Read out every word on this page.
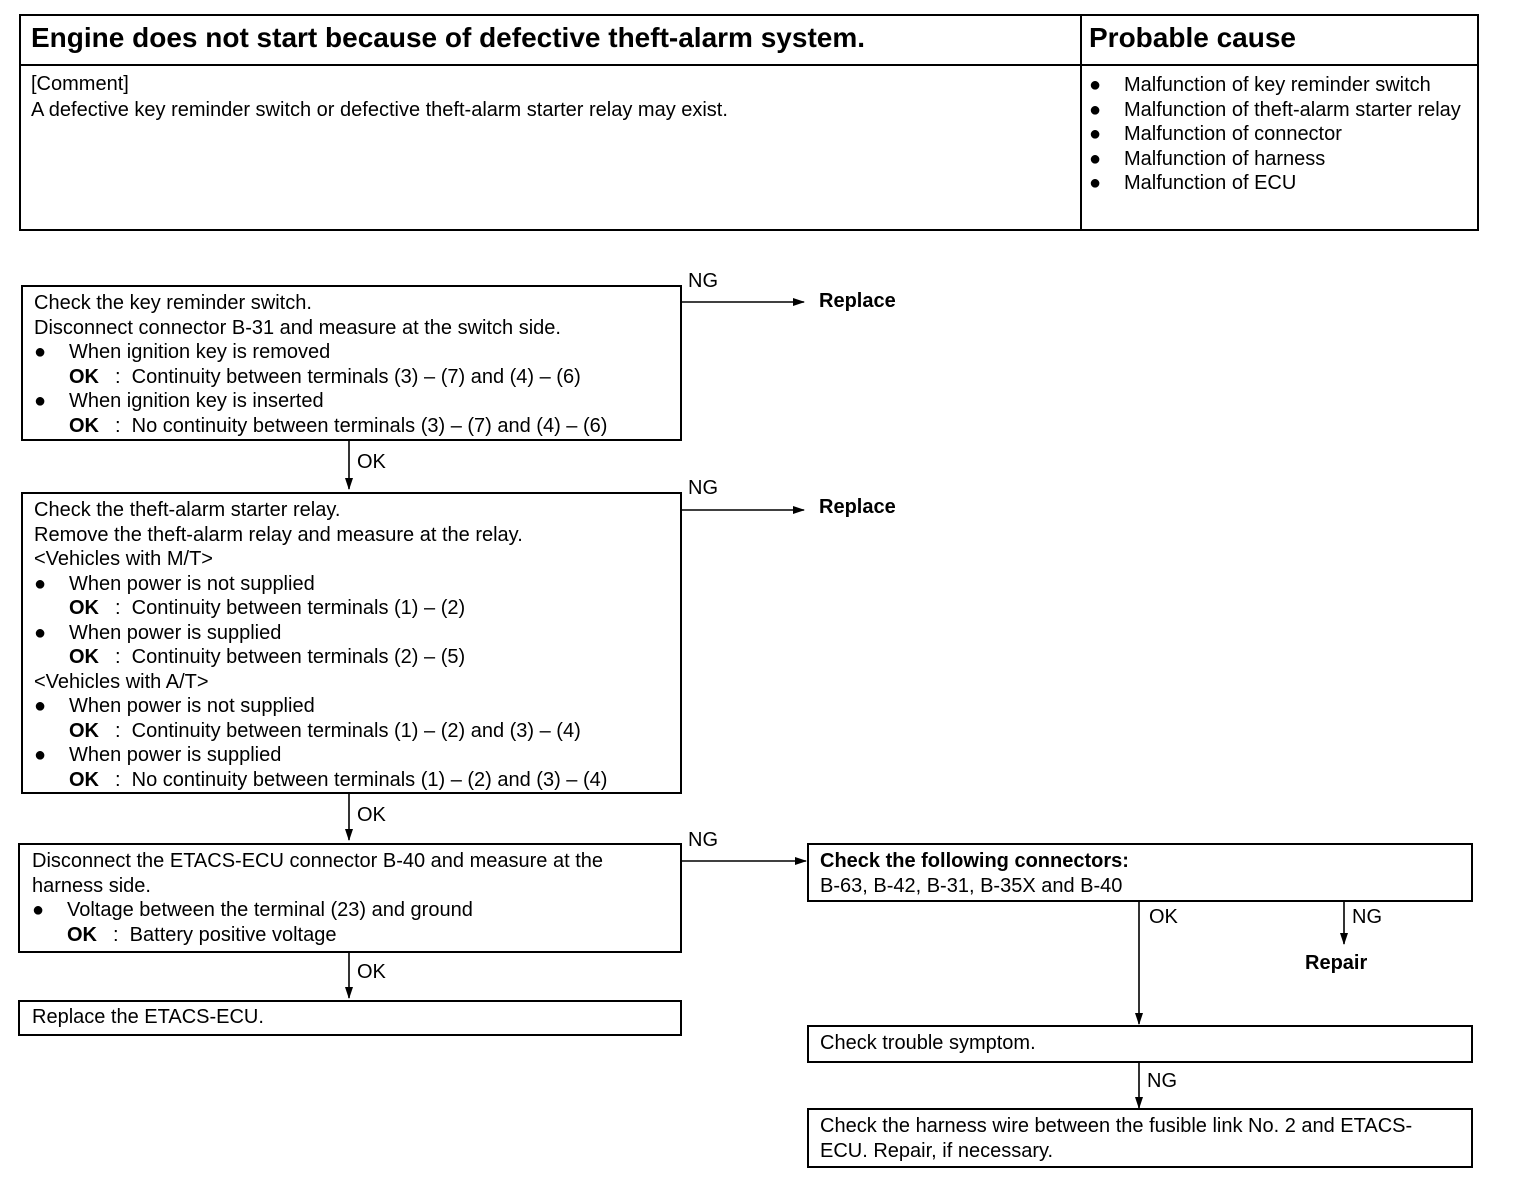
Engine does not start because of defective theft-alarm system.	Probable cause
[Comment]
A defective key reminder switch or defective theft-alarm starter relay may exist.
● Malfunction of key reminder switch
● Malfunction of theft-alarm starter relay
● Malfunction of connector
● Malfunction of harness
● Malfunction of ECU
Check the key reminder switch.
Disconnect connector B-31 and measure at the switch side.
● When ignition key is removed
OK :  Continuity between terminals (3) – (7) and (4) – (6)
● When ignition key is inserted
OK :  No continuity between terminals (3) – (7) and (4) – (6)
Check the theft-alarm starter relay.
Remove the theft-alarm relay and measure at the relay.
<Vehicles with M/T>
● When power is not supplied
OK :  Continuity between terminals (1) – (2)
● When power is supplied
OK :  Continuity between terminals (2) – (5)
<Vehicles with A/T>
● When power is not supplied
OK :  Continuity between terminals (1) – (2) and (3) – (4)
● When power is supplied
OK :  No continuity between terminals (1) – (2) and (3) – (4)
Disconnect the ETACS-ECU connector B-40 and measure at the
harness side.
● Voltage between the terminal (23) and ground
OK :  Battery positive voltage
Replace the ETACS-ECU.
Check the following connectors:
B-63, B-42, B-31, B-35X and B-40
Check trouble symptom.
Check the harness wire between the fusible link No. 2 and ETACS-
ECU. Repair, if necessary.
NG
Replace
OK
NG
Replace
OK
NG
OK
OK	NG
Repair
NG
